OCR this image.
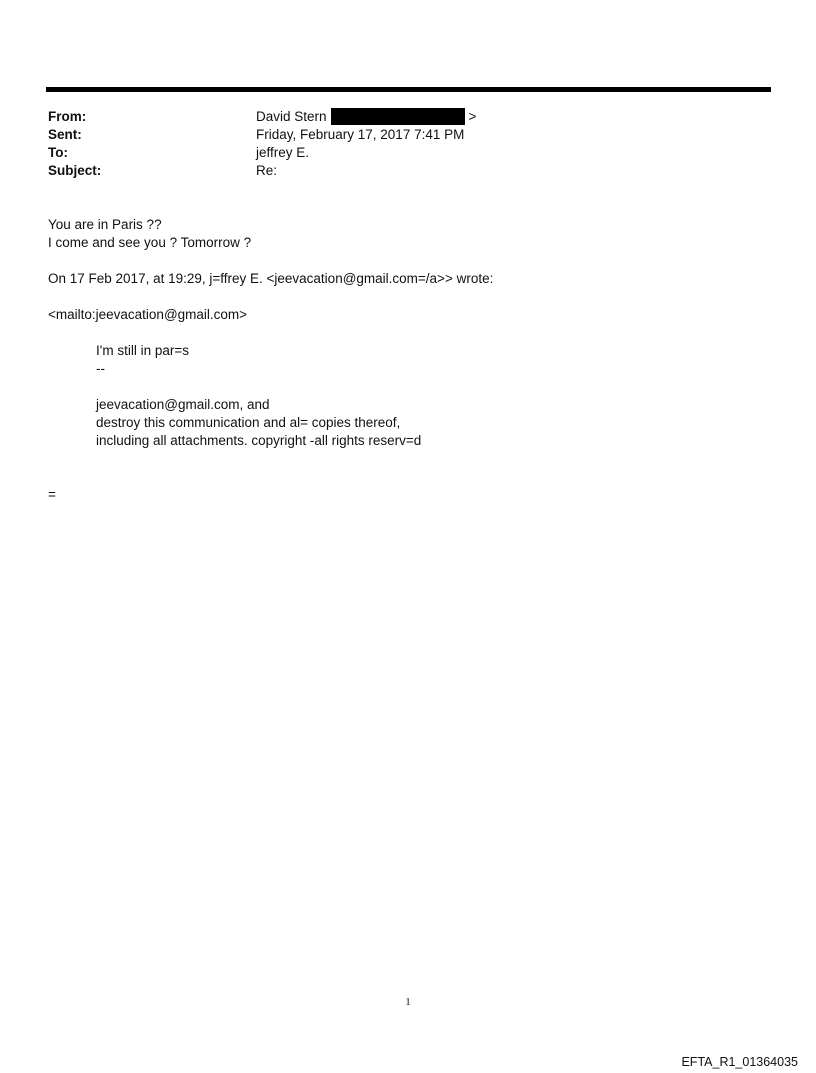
From:	David Stern	>
Sent:	Friday, February 17, 2017 7:41 PM
To:	jeffrey E.
Subject:	Re:
You are in Paris ??
I come and see you ? Tomorrow ?
On 17 Feb 2017, at 19:29, j=ffrey E. <jeevacation@gmail.com=/a>> wrote:
<mailto:jeevacation@gmail.com>
I'm still in par=s
--
jeevacation@gmail.com, and
destroy this communication and al= copies thereof,
including all attachments. copyright -all rights reserv=d
=
1
EFTA_R1_01364035
